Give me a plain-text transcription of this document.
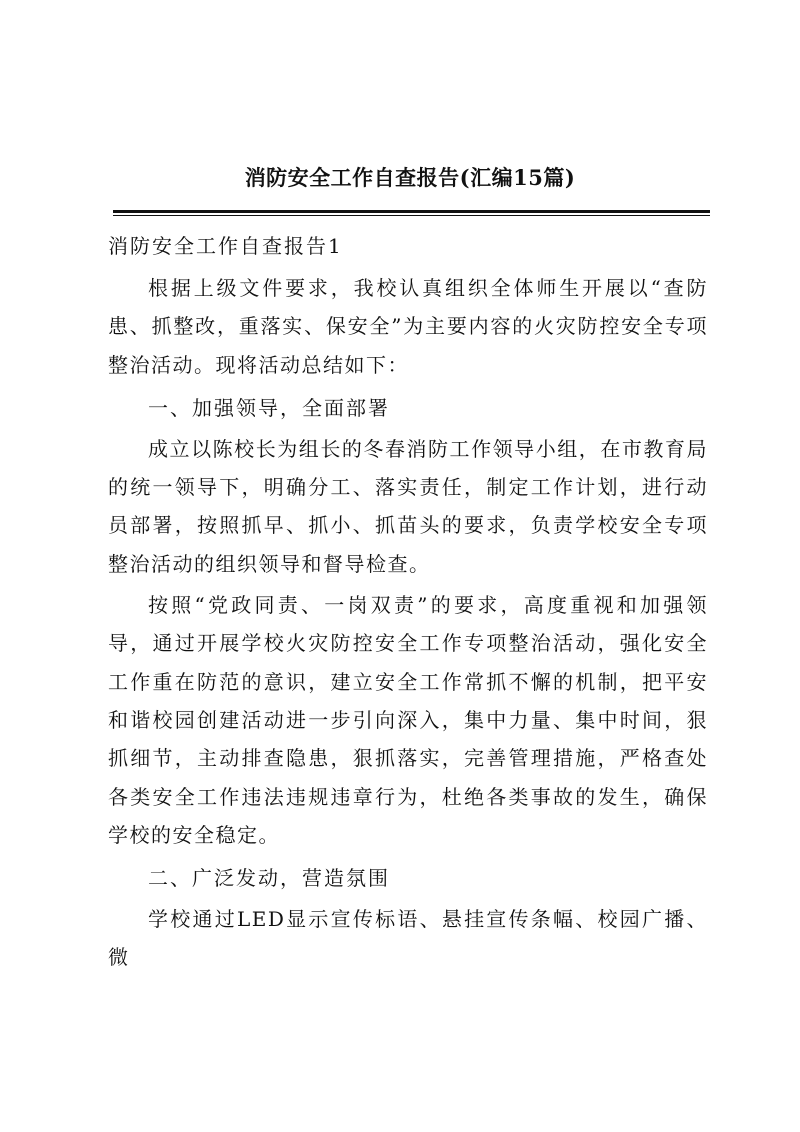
消防安全工作自查报告(汇编15篇)

消防安全工作自查报告1

根据上级文件要求，我校认真组织全体师生开展以“查防患、抓整改，重落实、保安全”为主要内容的火灾防控安全专项整治活动。现将活动总结如下：

一、加强领导，全面部署

成立以陈校长为组长的冬春消防工作领导小组，在市教育局的统一领导下，明确分工、落实责任，制定工作计划，进行动员部署，按照抓早、抓小、抓苗头的要求，负责学校安全专项整治活动的组织领导和督导检查。

按照“党政同责、一岗双责”的要求，高度重视和加强领导，通过开展学校火灾防控安全工作专项整治活动，强化安全工作重在防范的意识，建立安全工作常抓不懈的机制，把平安和谐校园创建活动进一步引向深入，集中力量、集中时间，狠抓细节，主动排查隐患，狠抓落实，完善管理措施，严格查处各类安全工作违法违规违章行为，杜绝各类事故的发生，确保学校的安全稳定。

二、广泛发动，营造氛围

学校通过LED显示宣传标语、悬挂宣传条幅、校园广播、微
